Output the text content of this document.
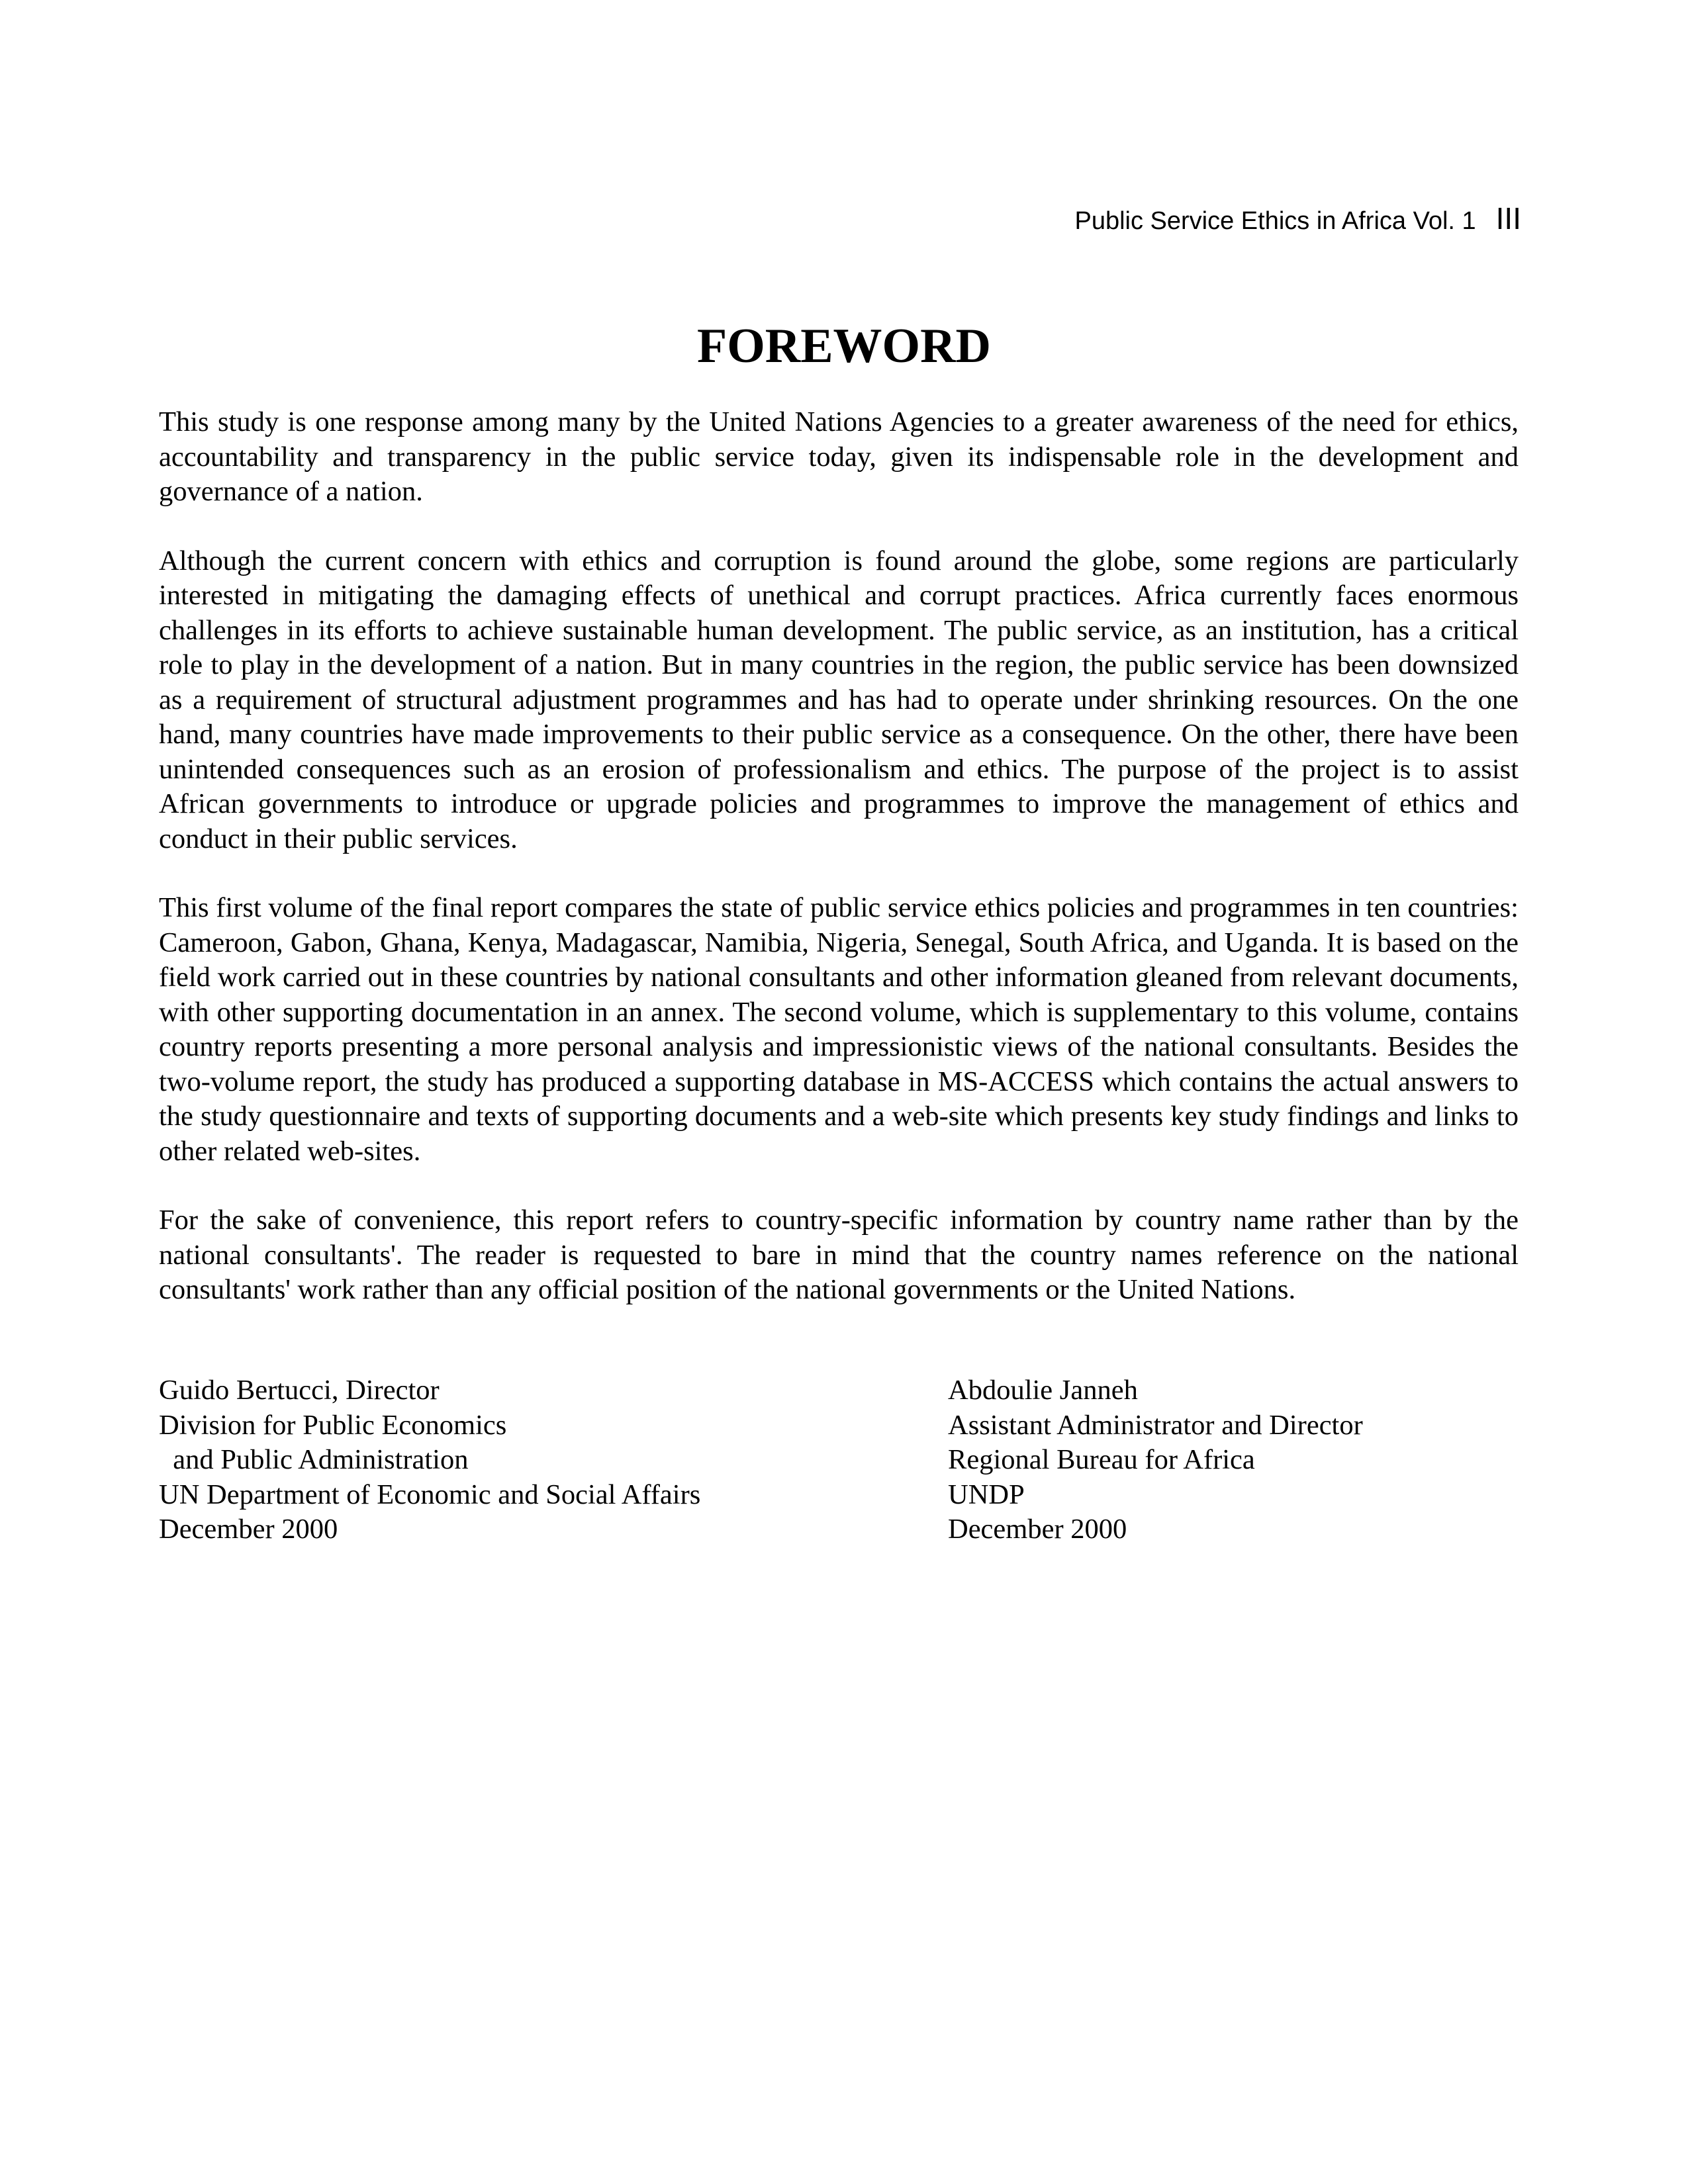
Public Service Ethics in Africa Vol. 1 III
FOREWORD

This study is one response among many by the United Nations Agencies to a greater awareness of the need for ethics, accountability and transparency in the public service today, given its indispensable role in the development and governance of a nation.

Although the current concern with ethics and corruption is found around the globe, some regions are particularly interested in mitigating the damaging effects of unethical and corrupt practices. Africa currently faces enormous challenges in its efforts to achieve sustainable human development. The public service, as an institution, has a critical role to play in the development of a nation. But in many countries in the region, the public service has been downsized as a requirement of structural adjustment programmes and has had to operate under shrinking resources. On the one hand, many countries have made improvements to their public service as a consequence. On the other, there have been unintended consequences such as an erosion of professionalism and ethics. The purpose of the project is to assist African governments to introduce or upgrade policies and programmes to improve the management of ethics and conduct in their public services.

This first volume of the final report compares the state of public service ethics policies and programmes in ten countries: Cameroon, Gabon, Ghana, Kenya, Madagascar, Namibia, Nigeria, Senegal, South Africa, and Uganda. It is based on the field work carried out in these countries by national consultants and other information gleaned from relevant documents, with other supporting documentation in an annex. The second volume, which is supplementary to this volume, contains country reports presenting a more personal analysis and impressionistic views of the national consultants. Besides the two-volume report, the study has produced a supporting database in MS-ACCESS which contains the actual answers to the study questionnaire and texts of supporting documents and a web-site which presents key study findings and links to other related web-sites.

For the sake of convenience, this report refers to country-specific information by country name rather than by the national consultants'. The reader is requested to bare in mind that the country names reference on the national consultants' work rather than any official position of the national governments or the United Nations.

Guido Bertucci, Director
Division for Public Economics
and Public Administration
UN Department of Economic and Social Affairs
December 2000
Abdoulie Janneh
Assistant Administrator and Director
Regional Bureau for Africa
UNDP
December 2000
